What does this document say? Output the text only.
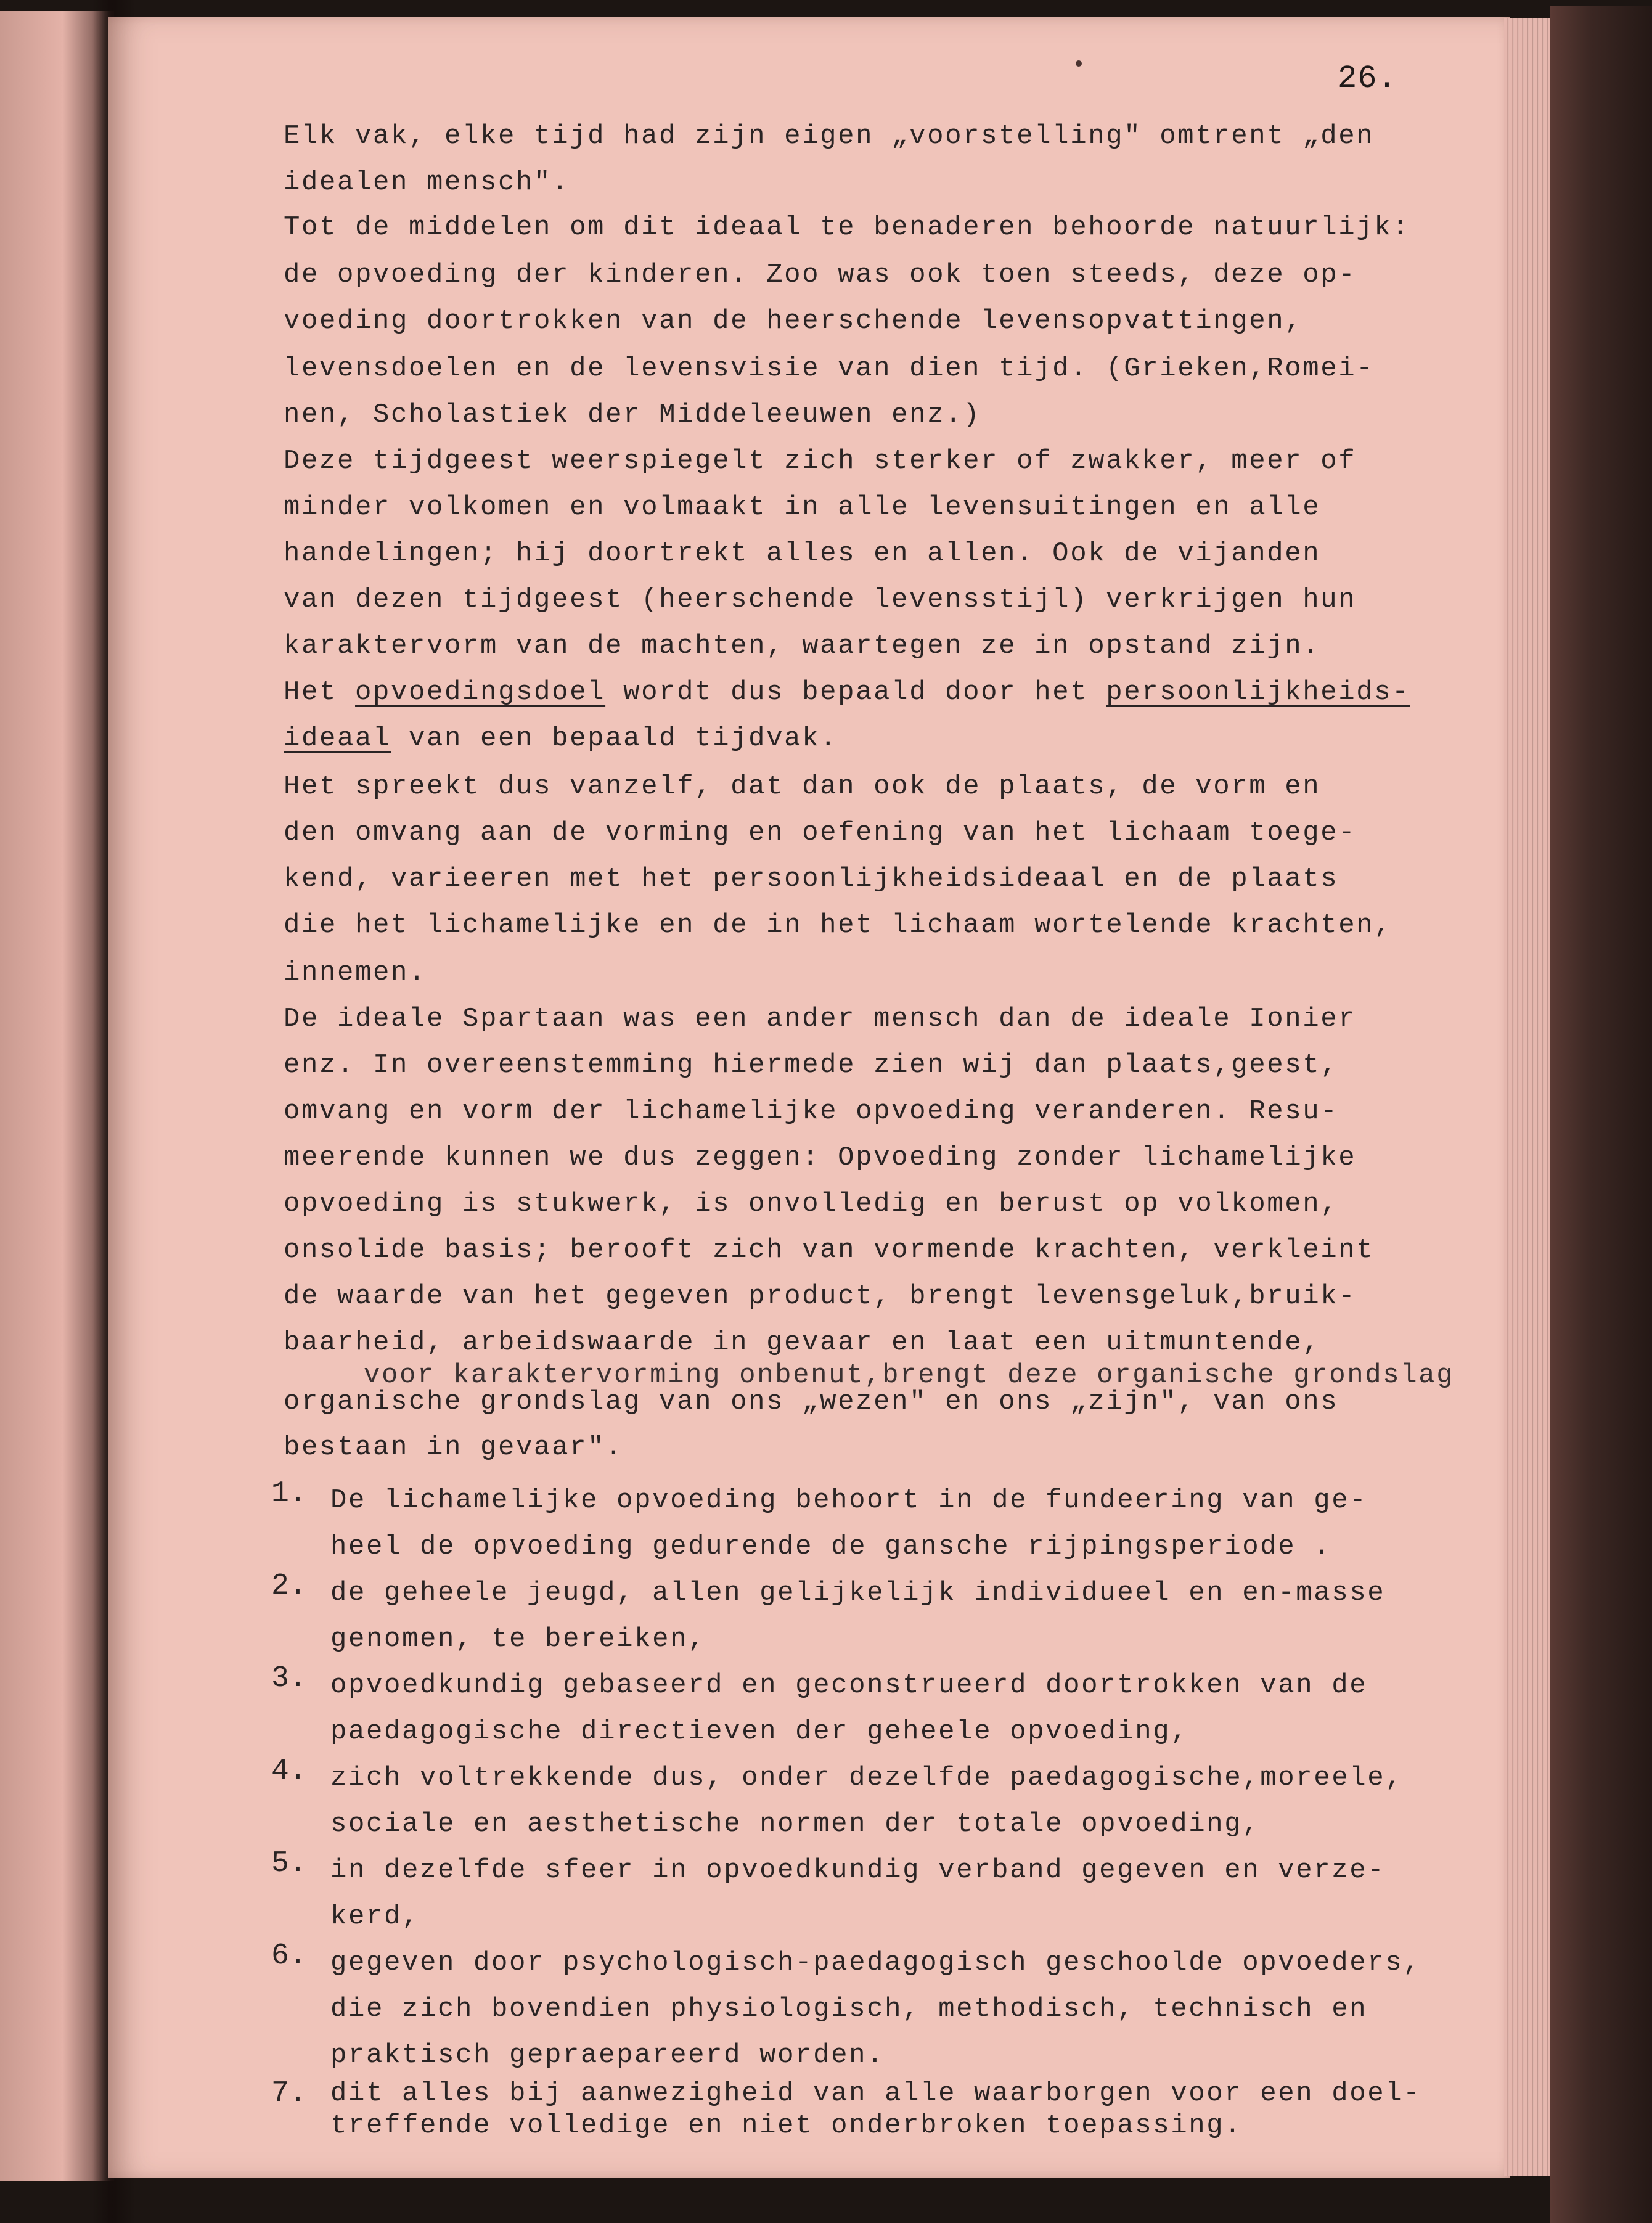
26.

Elk vak, elke tijd had zijn eigen „voorstelling" omtrent „den

idealen mensch".

Tot de middelen om dit ideaal te benaderen behoorde natuurlijk:

de opvoeding der kinderen. Zoo was ook toen steeds, deze op-

voeding doortrokken van de heerschende levensopvattingen,

levensdoelen en de levensvisie van dien tijd. (Grieken,Romei-

nen, Scholastiek der Middeleeuwen enz.)

Deze tijdgeest weerspiegelt zich sterker of zwakker, meer of

minder volkomen en volmaakt in alle levensuitingen en alle

handelingen; hij doortrekt alles en allen. Ook de vijanden

van dezen tijdgeest (heerschende levensstijl) verkrijgen hun

karaktervorm van de machten, waartegen ze in opstand zijn.

Het opvoedingsdoel wordt dus bepaald door het persoonlijkheids-

ideaal van een bepaald tijdvak.

Het spreekt dus vanzelf, dat dan ook de plaats, de vorm en

den omvang aan de vorming en oefening van het lichaam toege-

kend, varieeren met het persoonlijkheidsideaal en de plaats

die het lichamelijke en de in het lichaam wortelende krachten,

innemen.

De ideale Spartaan was een ander mensch dan de ideale Ionier

enz. In overeenstemming hiermede zien wij dan plaats,geest,

omvang en vorm der lichamelijke opvoeding veranderen. Resu-

meerende kunnen we dus zeggen: Opvoeding zonder lichamelijke

opvoeding is stukwerk, is onvolledig en berust op volkomen,

onsolide basis; berooft zich van vormende krachten, verkleint

de waarde van het gegeven product, brengt levensgeluk,bruik-

baarheid, arbeidswaarde in gevaar en laat een uitmuntende,

voor karaktervorming onbenut,brengt deze organische grondslag

organische grondslag van ons „wezen" en ons „zijn", van ons

bestaan in gevaar".

1. De lichamelijke opvoeding behoort in de fundeering van ge-
heel de opvoeding gedurende de gansche rijpingsperiode .
2. de geheele jeugd, allen gelijkelijk individueel en en-masse
genomen, te bereiken,
3. opvoedkundig gebaseerd en geconstrueerd doortrokken van de
paedagogische directieven der geheele opvoeding,
4. zich voltrekkende dus, onder dezelfde paedagogische,moreele,
sociale en aesthetische normen der totale opvoeding,
5. in dezelfde sfeer in opvoedkundig verband gegeven en verze-
kerd,
6. gegeven door psychologisch-paedagogisch geschoolde opvoeders,
die zich bovendien physiologisch, methodisch, technisch en
praktisch gepraepareerd worden.
7. dit alles bij aanwezigheid van alle waarborgen voor een doel-
treffende volledige en niet onderbroken toepassing.
